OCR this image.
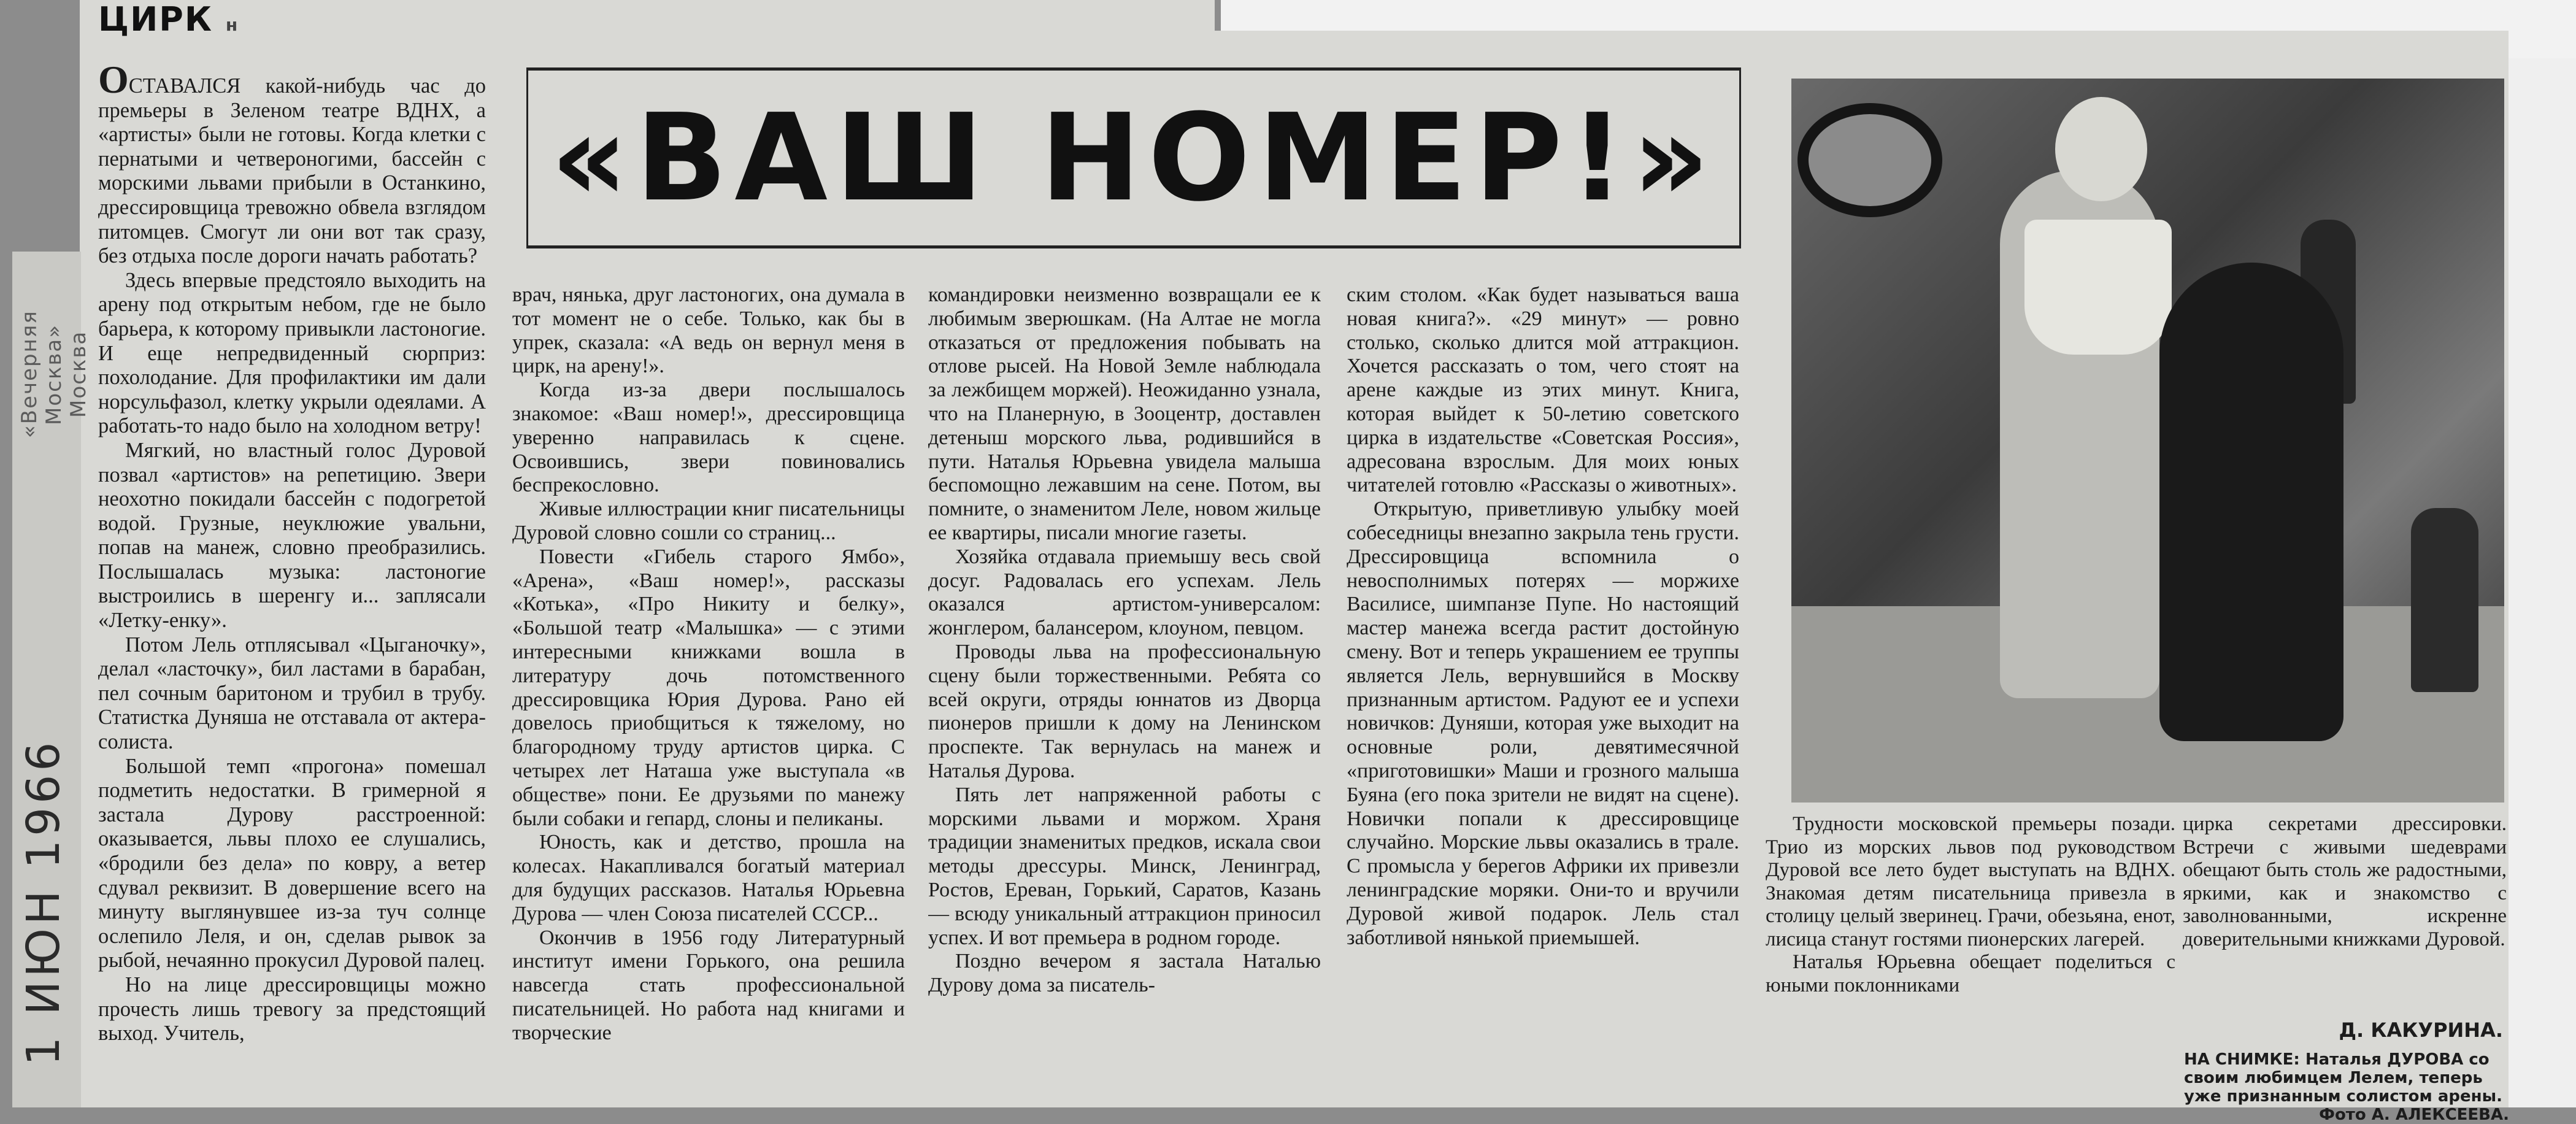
«Вечерняя Москва» Москва
1 ИЮН 1966
ЦИРК н
«ВАШ НОМЕР!»

ОСТАВАЛСЯ какой-нибудь час до премьеры в Зеленом театре ВДНХ, а «артисты» были не готовы. Когда клетки с пернатыми и четвероногими, бассейн с морскими львами прибыли в Останкино, дрессировщица тревожно обвела взглядом питомцев. Смогут ли они вот так сразу, без отдыха после дороги начать работать?

Здесь впервые предстояло выходить на арену под открытым небом, где не было барьера, к которому привыкли ластоногие. И еще непредвиденный сюрприз: похолодание. Для профилактики им дали норсульфазол, клетку укрыли одеялами. А работать-то надо было на холодном ветру!

Мягкий, но властный голос Дуровой позвал «артистов» на репетицию. Звери неохотно покидали бассейн с подогретой водой. Грузные, неуклюжие увальни, попав на манеж, словно преобразились. Послышалась музыка: ластоногие выстроились в шеренгу и... заплясали «Летку-енку».

Потом Лель отплясывал «Цыганочку», делал «ласточку», бил ластами в барабан, пел сочным баритоном и трубил в трубу. Статистка Дуняша не отставала от актера-солиста.

Большой темп «прогона» помешал подметить недостатки. В гримерной я застала Дурову расстроенной: оказывается, львы плохо ее слушались, «бродили без дела» по ковру, а ветер сдувал реквизит. В довершение всего на минуту выглянувшее из-за туч солнце ослепило Леля, и он, сделав рывок за рыбой, нечаянно прокусил Дуровой палец.

Но на лице дрессировщицы можно прочесть лишь тревогу за предстоящий выход. Учитель,

врач, нянька, друг ластоногих, она думала в тот момент не о себе. Только, как бы в упрек, сказала: «А ведь он вернул меня в цирк, на арену!».

Когда из-за двери послышалось знакомое: «Ваш номер!», дрессировщица уверенно направилась к сцене. Освоившись, звери повиновались беспрекословно.

Живые иллюстрации книг писательницы Дуровой словно сошли со страниц...

Повести «Гибель старого Ямбо», «Арена», «Ваш номер!», рассказы «Котька», «Про Никиту и белку», «Большой театр «Малышка» — с этими интересными книжками вошла в литературу дочь потомственного дрессировщика Юрия Дурова. Рано ей довелось приобщиться к тяжелому, но благородному труду артистов цирка. С четырех лет Наташа уже выступала «в обществе» пони. Ее друзьями по манежу были собаки и гепард, слоны и пеликаны.

Юность, как и детство, прошла на колесах. Накапливался богатый материал для будущих рассказов. Наталья Юрьевна Дурова — член Союза писателей СССР...

Окончив в 1956 году Литературный институт имени Горького, она решила навсегда стать профессиональной писательницей. Но работа над книгами и творческие

командировки неизменно возвращали ее к любимым зверюшкам. (На Алтае не могла отказаться от предложения побывать на отлове рысей. На Новой Земле наблюдала за лежбищем моржей). Неожиданно узнала, что на Планерную, в Зооцентр, доставлен детеныш морского льва, родившийся в пути. Наталья Юрьевна увидела малыша беспомощно лежавшим на сене. Потом, вы помните, о знаменитом Леле, новом жильце ее квартиры, писали многие газеты.

Хозяйка отдавала приемышу весь свой досуг. Радовалась его успехам. Лель оказался артистом-универсалом: жонглером, балансером, клоуном, певцом.

Проводы льва на профессиональную сцену были торжественными. Ребята со всей округи, отряды юннатов из Дворца пионеров пришли к дому на Ленинском проспекте. Так вернулась на манеж и Наталья Дурова.

Пять лет напряженной работы с морскими львами и моржом. Храня традиции знаменитых предков, искала свои методы дрессуры. Минск, Ленинград, Ростов, Ереван, Горький, Саратов, Казань — всюду уникальный аттракцион приносил успех. И вот премьера в родном городе.

Поздно вечером я застала Наталью Дурову дома за писатель-

ским столом. «Как будет называться ваша новая книга?». «29 минут» — ровно столько, сколько длится мой аттракцион. Хочется рассказать о том, чего стоят на арене каждые из этих минут. Книга, которая выйдет к 50-летию советского цирка в издательстве «Советская Россия», адресована взрослым. Для моих юных читателей готовлю «Рассказы о животных».

Открытую, приветливую улыбку моей собеседницы внезапно закрыла тень грусти. Дрессировщица вспомнила о невосполнимых потерях — моржихе Василисе, шимпанзе Пупе. Но настоящий мастер манежа всегда растит достойную смену. Вот и теперь украшением ее труппы является Лель, вернувшийся в Москву признанным артистом. Радуют ее и успехи новичков: Дуняши, которая уже выходит на основные роли, девятимесячной «приготовишки» Маши и грозного малыша Буяна (его пока зрители не видят на сцене). Новички попали к дрессировщице случайно. Морские львы оказались в трале. С промысла у берегов Африки их привезли ленинградские моряки. Они-то и вручили Дуровой живой подарок. Лель стал заботливой нянькой приемышей.

Трудности московской премьеры позади. Трио из морских львов под руководством Дуровой все лето будет выступать на ВДНХ. Знакомая детям писательница привезла в столицу целый зверинец. Грачи, обезьяна, енот, лисица станут гостями пионерских лагерей.

Наталья Юрьевна обещает поделиться с юными поклонниками

цирка секретами дрессировки. Встречи с живыми шедеврами обещают быть столь же радостными, яркими, как и знакомство с заволнованными, искренне доверительными книжками Дуровой.

Д. КАКУРИНА.
НА СНИМКЕ: Наталья ДУРОВА со своим любимцем Лелем, теперь уже признанным солистом арены.
Фото А. АЛЕКСЕЕВА.
